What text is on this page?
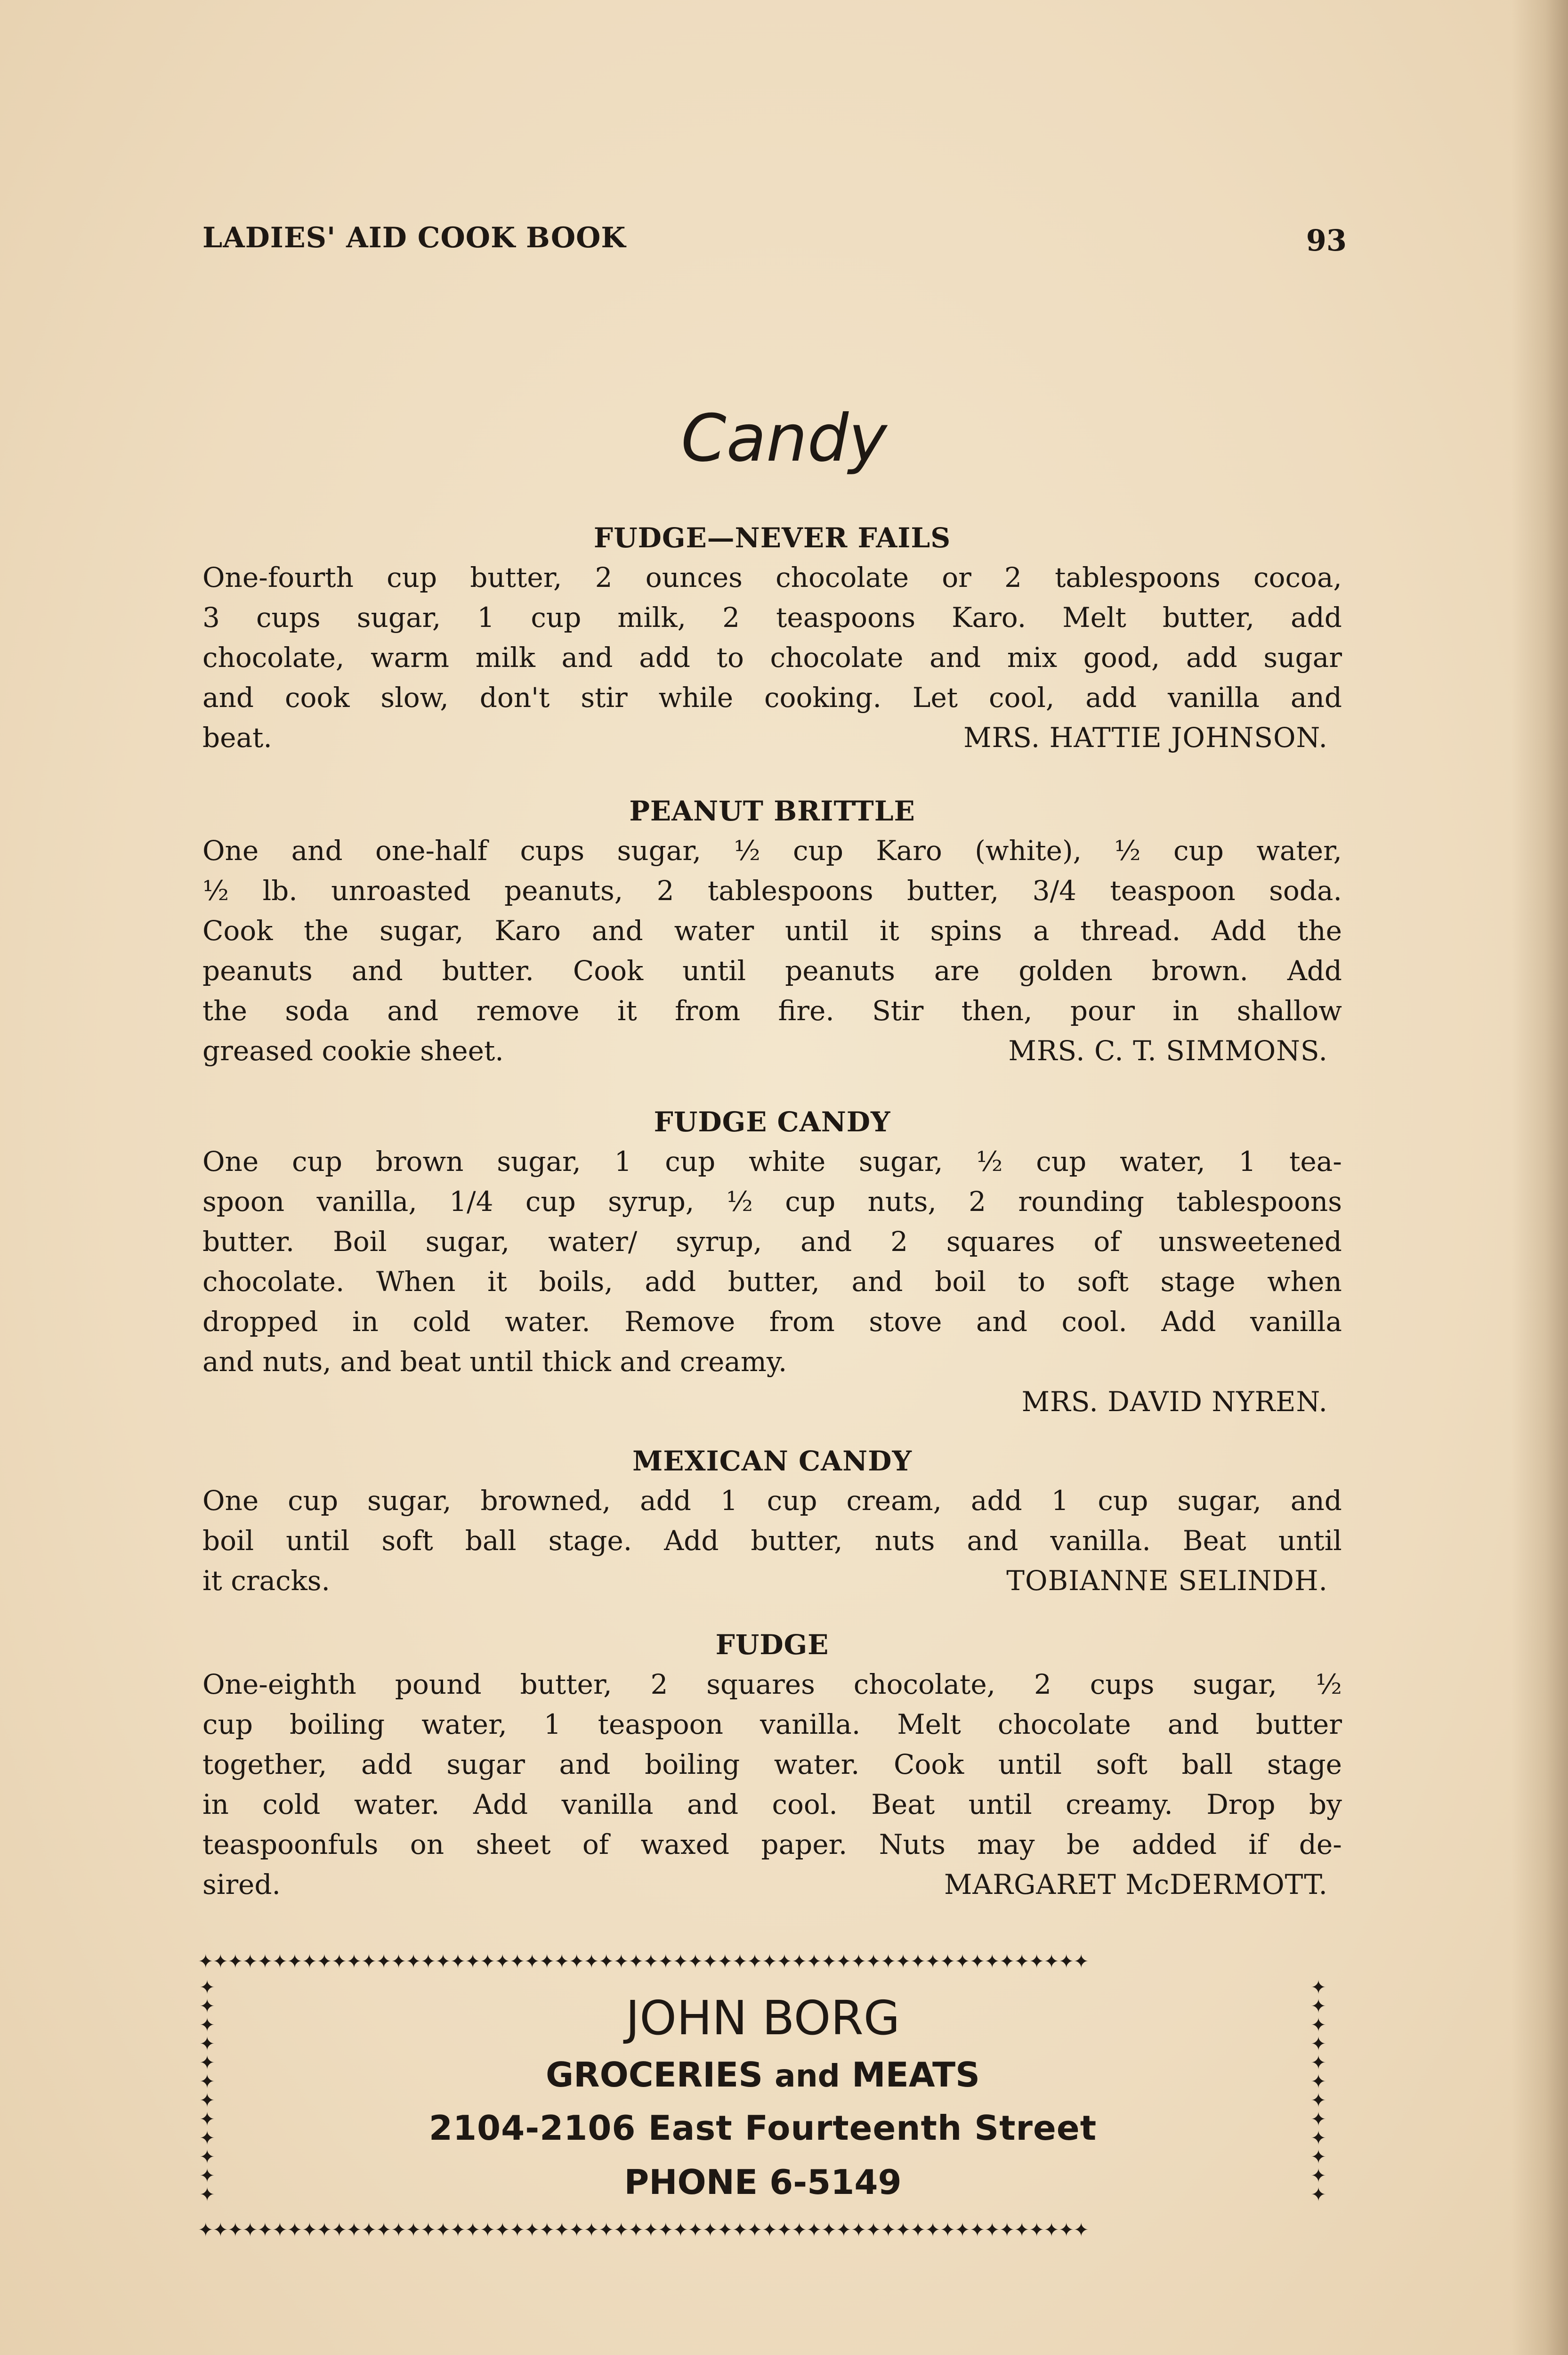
LADIES' AID COOK BOOK	93
Candy
FUDGE—NEVER FAILS
One-fourth cup butter, 2 ounces chocolate or 2 tablespoons cocoa,
3 cups sugar, 1 cup milk, 2 teaspoons Karo. Melt butter, add
chocolate, warm milk and add to chocolate and mix good, add sugar
and cook slow, don't stir while cooking. Let cool, add vanilla and
beat.	MRS. HATTIE JOHNSON.
PEANUT BRITTLE
One and one-half cups sugar, ½ cup Karo (white), ½ cup water,
½ lb. unroasted peanuts, 2 tablespoons butter, 3/4 teaspoon soda.
Cook the sugar, Karo and water until it spins a thread. Add the
peanuts and butter. Cook until peanuts are golden brown. Add
the soda and remove it from fire. Stir then, pour in shallow
greased cookie sheet.	MRS. C. T. SIMMONS.
FUDGE CANDY
One cup brown sugar, 1 cup white sugar, ½ cup water, 1 tea-
spoon vanilla, 1/4 cup syrup, ½ cup nuts, 2 rounding tablespoons
butter. Boil sugar, water/ syrup, and 2 squares of unsweetened
chocolate. When it boils, add butter, and boil to soft stage when
dropped in cold water. Remove from stove and cool. Add vanilla
and nuts, and beat until thick and creamy.
MRS. DAVID NYREN.
MEXICAN CANDY
One cup sugar, browned, add 1 cup cream, add 1 cup sugar, and
boil until soft ball stage. Add butter, nuts and vanilla. Beat until
it cracks.	TOBIANNE SELINDH.
FUDGE
One-eighth pound butter, 2 squares chocolate, 2 cups sugar, ½
cup boiling water, 1 teaspoon vanilla. Melt chocolate and butter
together, add sugar and boiling water. Cook until soft ball stage
in cold water. Add vanilla and cool. Beat until creamy. Drop by
teaspoonfuls on sheet of waxed paper. Nuts may be added if de-
sired.	MARGARET McDERMOTT.
✦✦✦✦✦✦✦✦✦✦✦✦✦✦✦✦✦✦✦✦✦✦✦✦✦✦✦✦✦✦✦✦✦✦✦✦✦✦✦✦✦✦✦✦✦✦✦✦✦✦✦✦✦✦✦✦✦✦✦✦
✦✦✦✦✦✦✦✦✦✦✦✦✦✦✦✦✦✦✦✦✦✦✦✦✦✦✦✦✦✦✦✦✦✦✦✦✦✦✦✦✦✦✦✦✦✦✦✦✦✦✦✦✦✦✦✦✦✦✦✦
✦
✦
✦
✦
✦
✦
✦
✦
✦
✦
✦
✦

✦
✦
✦
✦
✦
✦
✦
✦
✦
✦
✦
✦

JOHN BORG
GROCERIES and MEATS
2104-2106 East Fourteenth Street
PHONE 6-5149
